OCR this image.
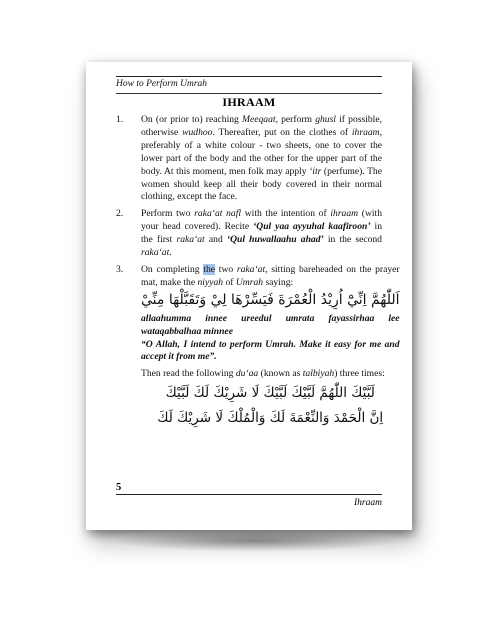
How to Perform Umrah
IHRAAM
1.	On (or prior to) reaching Meeqaat, perform ghusl if possible, otherwise wudhoo. Thereafter, put on the clothes of ihraam, preferably of a white colour - two sheets, one to cover the lower part of the body and the other for the upper part of the body. At this moment, men folk may apply ‘itr (perfume). The women should keep all their body covered in their normal clothing, except the face.
2.	Perform two raka‘at nafl with the intention of ihraam (with your head covered). Recite ‘Qul yaa ayyuhal kaafiroon’ in the first raka‘at and ‘Qul huwallaahu ahad’ in the second raka‘at.
3.	On completing the two raka‘at, sitting bareheaded on the prayer mat, make the niyyah of Umrah saying:
اَللّٰهُمَّ اِنِّيْٓ اُرِيْدُ الْعُمْرَةَ فَيَسِّرْهَا لِيْ وَتَقَبَّلْهَا مِنِّيْ
allaahumma innee ureedul umrata fayassirhaa lee wataqabbalhaa minnee
“O Allah, I intend to perform Umrah. Make it easy for me and accept it from me”.
Then read the following du‘aa (known as talbiyah) three times:
لَبَّيْكَ اللّٰهُمَّ لَبَّيْكَ لَبَّيْكَ لَا شَرِيْكَ لَكَ لَبَّيْكَ
اِنَّ الْحَمْدَ وَالنِّعْمَةَ لَكَ وَالْمُلْكَ لَا شَرِيْكَ لَكَ
5
Ihraam
